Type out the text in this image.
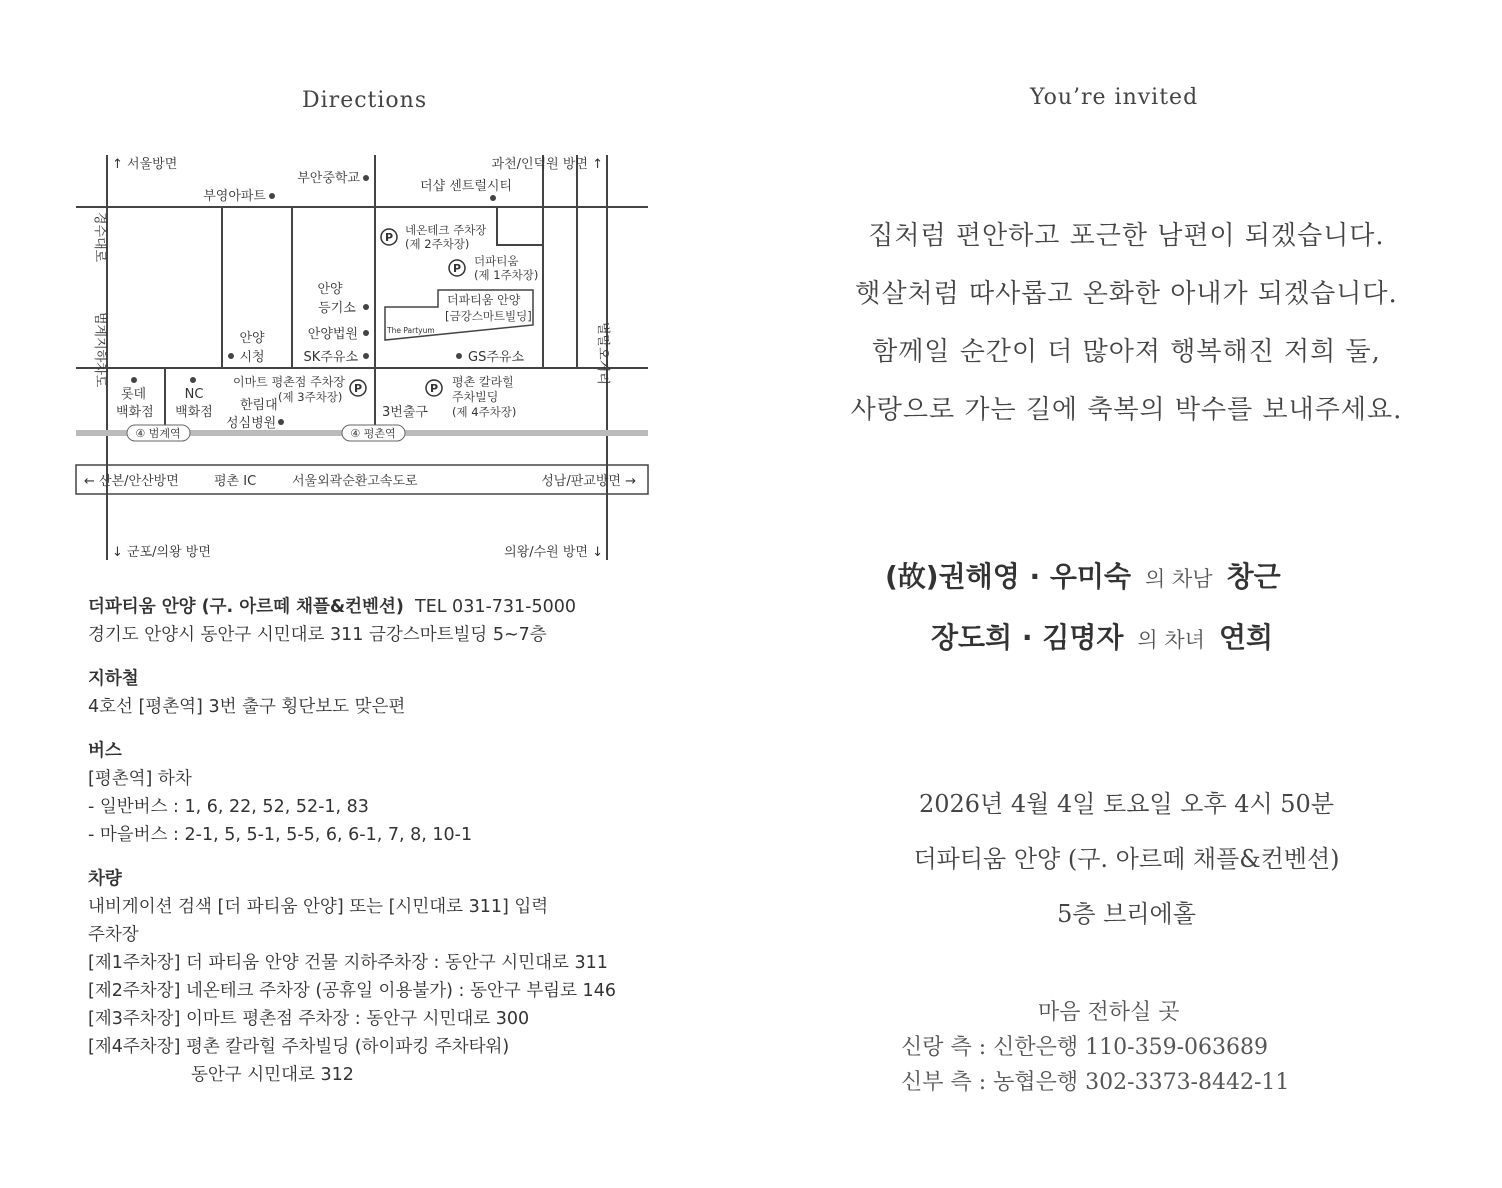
Directions
P
P
P	P
↑ 서울방면	과천/인덕원 방면 ↑
부안중학교
부영아파트
더샵 센트럴시티
네온테크 주차장
(제 2주차장)
더파티움
(제 1주차장)
더파티움 안양
[금강스마트빌딩]
The Partyum
안양
등기소
안양법원
SK주유소	GS주유소
안양
시청
롯데
백화점
NC
백화점
이마트 평촌점 주차장
(제 3주차장)
한림대
성심병원
평촌 칼라힐
주차빌딩
(제 4주차장)
3번출구
④ 범계역	④ 평촌역
← 산본/안산방면	평촌 IC	서울외곽순환고속도로	성남/판교방면 →
↓ 군포/의왕 방면	의왕/수원 방면 ↓
경수대로
범계지하차도	별말오거리
더파티움 안양 (구. 아르떼 채플&컨벤션) TEL 031-731-5000
경기도 안양시 동안구 시민대로 311 금강스마트빌딩 5~7층
지하철
4호선 [평촌역] 3번 출구 횡단보도 맞은편
버스
[평촌역] 하차
- 일반버스 : 1, 6, 22, 52, 52-1, 83
- 마을버스 : 2-1, 5, 5-1, 5-5, 6, 6-1, 7, 8, 10-1
차량
내비게이션 검색 [더 파티움 안양] 또는 [시민대로 311] 입력
주차장
[제1주차장] 더 파티움 안양 건물 지하주차장 : 동안구 시민대로 311
[제2주차장] 네온테크 주차장 (공휴일 이용불가) : 동안구 부림로 146
[제3주차장] 이마트 평촌점 주차장 : 동안구 시민대로 300
[제4주차장] 평촌 칼라힐 주차빌딩 (하이파킹 주차타워)
동안구 시민대로 312
You’re invited
집처럼 편안하고 포근한 남편이 되겠습니다.
햇살처럼 따사롭고 온화한 아내가 되겠습니다.
함께일 순간이 더 많아져 행복해진 저희 둘,
사랑으로 가는 길에 축복의 박수를 보내주세요.
(故)권해영 · 우미숙 의 차남 창근
장도희 · 김명자 의 차녀 연희
2026년 4월 4일 토요일 오후 4시 50분
더파티움 안양 (구. 아르떼 채플&컨벤션)
5층 브리에홀
마음 전하실 곳
신랑 측 : 신한은행 110-359-063689
신부 측 : 농협은행 302-3373-8442-11
